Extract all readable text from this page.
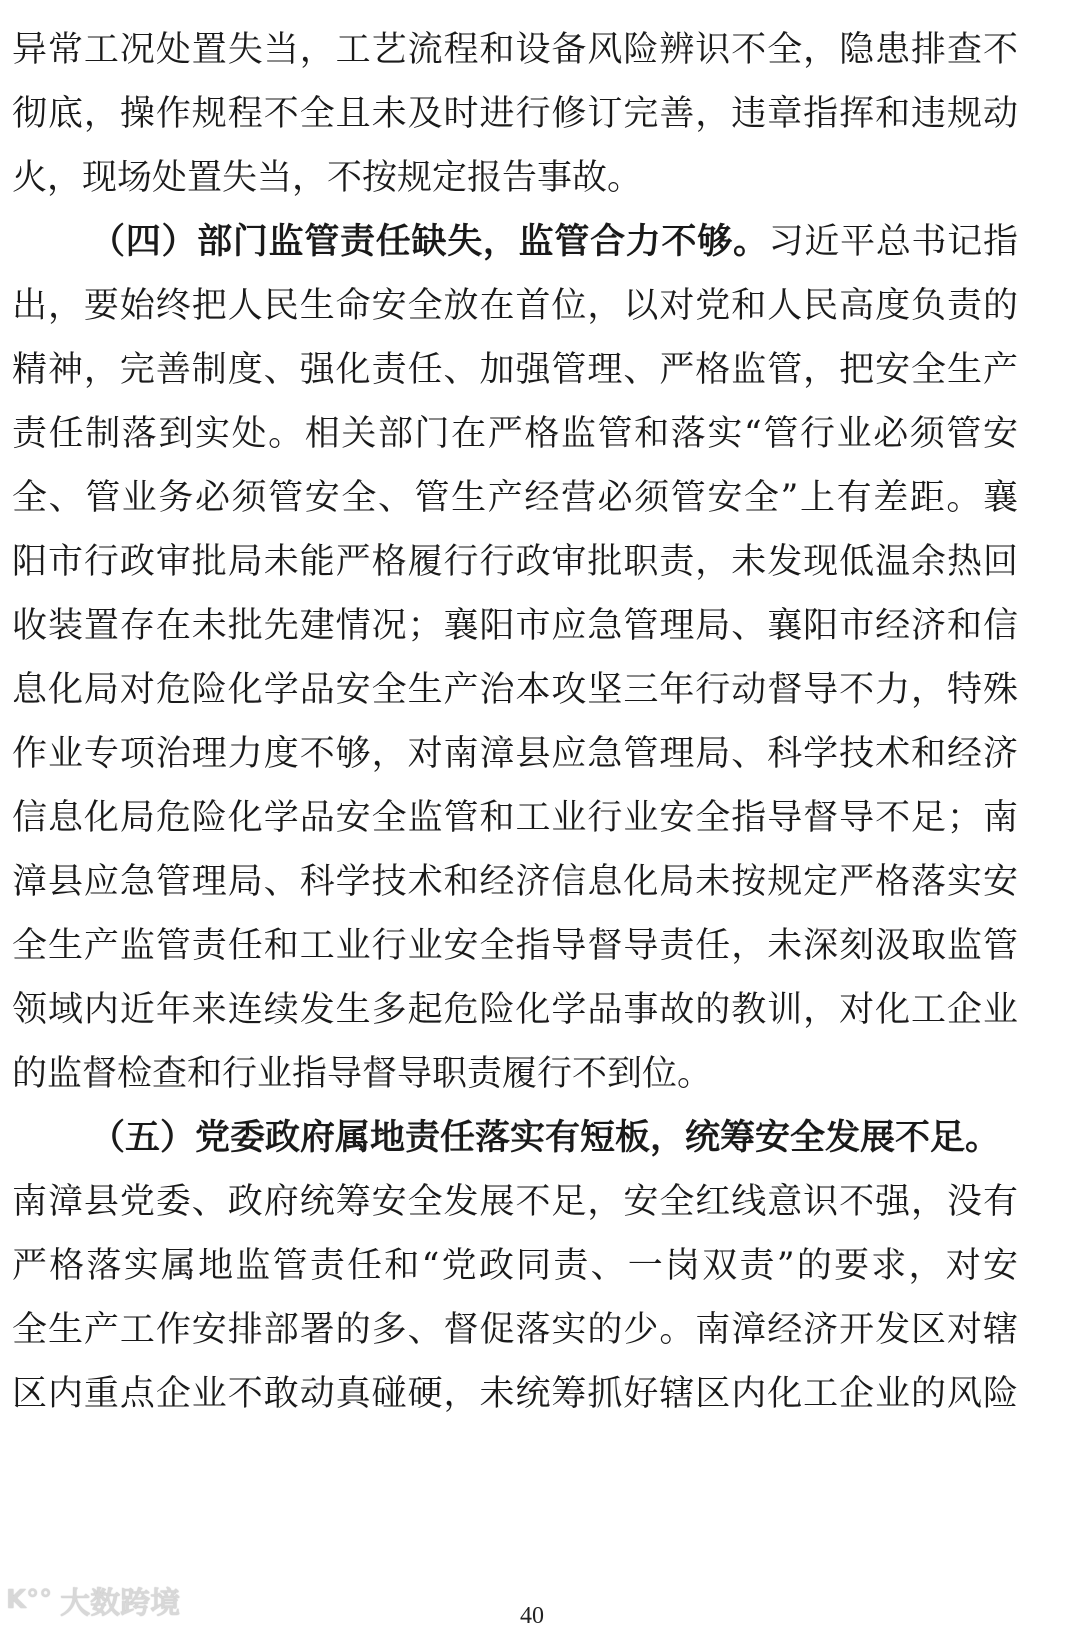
异常工况处置失当，工艺流程和设备风险辨识不全，隐患排查不
彻底，操作规程不全且未及时进行修订完善，违章指挥和违规动
火，现场处置失当，不按规定报告事故。
（四）部门监管责任缺失，监管合力不够。习近平总书记指
出，要始终把人民生命安全放在首位，以对党和人民高度负责的
精神，完善制度、强化责任、加强管理、严格监管，把安全生产
责任制落到实处。相关部门在严格监管和落实“管行业必须管安
全、管业务必须管安全、管生产经营必须管安全”上有差距。襄
阳市行政审批局未能严格履行行政审批职责，未发现低温余热回
收装置存在未批先建情况；襄阳市应急管理局、襄阳市经济和信
息化局对危险化学品安全生产治本攻坚三年行动督导不力，特殊
作业专项治理力度不够，对南漳县应急管理局、科学技术和经济
信息化局危险化学品安全监管和工业行业安全指导督导不足；南
漳县应急管理局、科学技术和经济信息化局未按规定严格落实安
全生产监管责任和工业行业安全指导督导责任，未深刻汲取监管
领域内近年来连续发生多起危险化学品事故的教训，对化工企业
的监督检查和行业指导督导职责履行不到位。
（五）党委政府属地责任落实有短板，统筹安全发展不足。
南漳县党委、政府统筹安全发展不足，安全红线意识不强，没有
严格落实属地监管责任和“党政同责、一岗双责”的要求，对安
全生产工作安排部署的多、督促落实的少。南漳经济开发区对辖
区内重点企业不敢动真碰硬，未统筹抓好辖区内化工企业的风险
K°° 大数跨境	40
